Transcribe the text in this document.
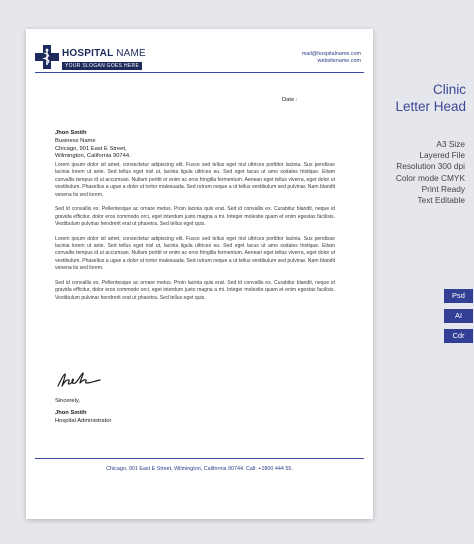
HOSPITAL NAME
YOUR SLOGAN GOES HERE
mail@hospitalname.com
websitename.com
Date :
Jhon Smith
Business Name
Chicago, 901 East E Street,
Wilmington, California 90744.

Lorem ipsum dolor sit amet, consectetur adipiscing elit. Fusce sed tellus eget nisl ultrices porttitor lacinia. Sus pendisse lacinia lorem ut ante. Sed tellus eget nisl ut, lacinia ligula ultrices eu. Sed eget lacus ut amo sodales tristique. Etiam convallis tempus id ut accumsan. Nullam porttit or enim ac eros fringilla fermentum. Aenean eget tellus viverra, eget dolor ut vestibulum. Phasellus a ugue a dolor ut tortor malesuada. Sed rutrum neque a ut tellus vestibulum sed pulvinar. Nam blandit venena tis sed lorem.

Sed id convallis ex. Pellentesque ac ornare metus. Proin lacinia quis erat. Sed id convallis ex. Curabitur blandit, neque id gravida efficitur, dolor eros commodo orci, eget interdum justo magna a mi. Integer molestie quam et enim egestas facilisis. Vestibulum pulvinar hendrerit erat ut pharetra. Sed tellus eget quis.

Lorem ipsum dolor sit amet, consectetur adipiscing elit. Fusce sed tellus eget nisl ultrices porttitor lacinia. Sus pendisse lacinia lorem ut ante. Sed tellus eget nisl ut, lacinia ligula ultrices eu. Sed eget lacus ut amo sodales tristique. Etiam convallis tempus id ut accumsan. Nullam porttit or enim ac eros fringilla fermentum. Aenean eget tellus viverra, eget dolor ut vestibulum. Phasellus a ugue a dolor ut tortor malesuada. Sed rutrum neque a ut tellus vestibulum sed pulvinar. Nam blandit venena tis sed lorem.

Sed id convallis ex. Pellentesque ac ornare metus. Proin lacinia quis erat. Sed id convallis ex. Curabitur blandit, neque id gravida efficitur, dolor eros commodo orci, eget interdum justo magna a mi. Integer molestie quam et enim egestas facilisis. Vestibulum pulvinar hendrerit erat ut pharetra. Sed tellus eget quis.

Sincerely,
Jhon Smith
Hospital Administrator
Chicago, 901 East E Street, Wilmington, California 90744. Call: +1800 444 55.
Clinic
Letter Head
A3 Size
Layered File
Resolution 300 dpi
Color mode CMYK
Print Ready
Text Editable
Psd
AI
Cdr
